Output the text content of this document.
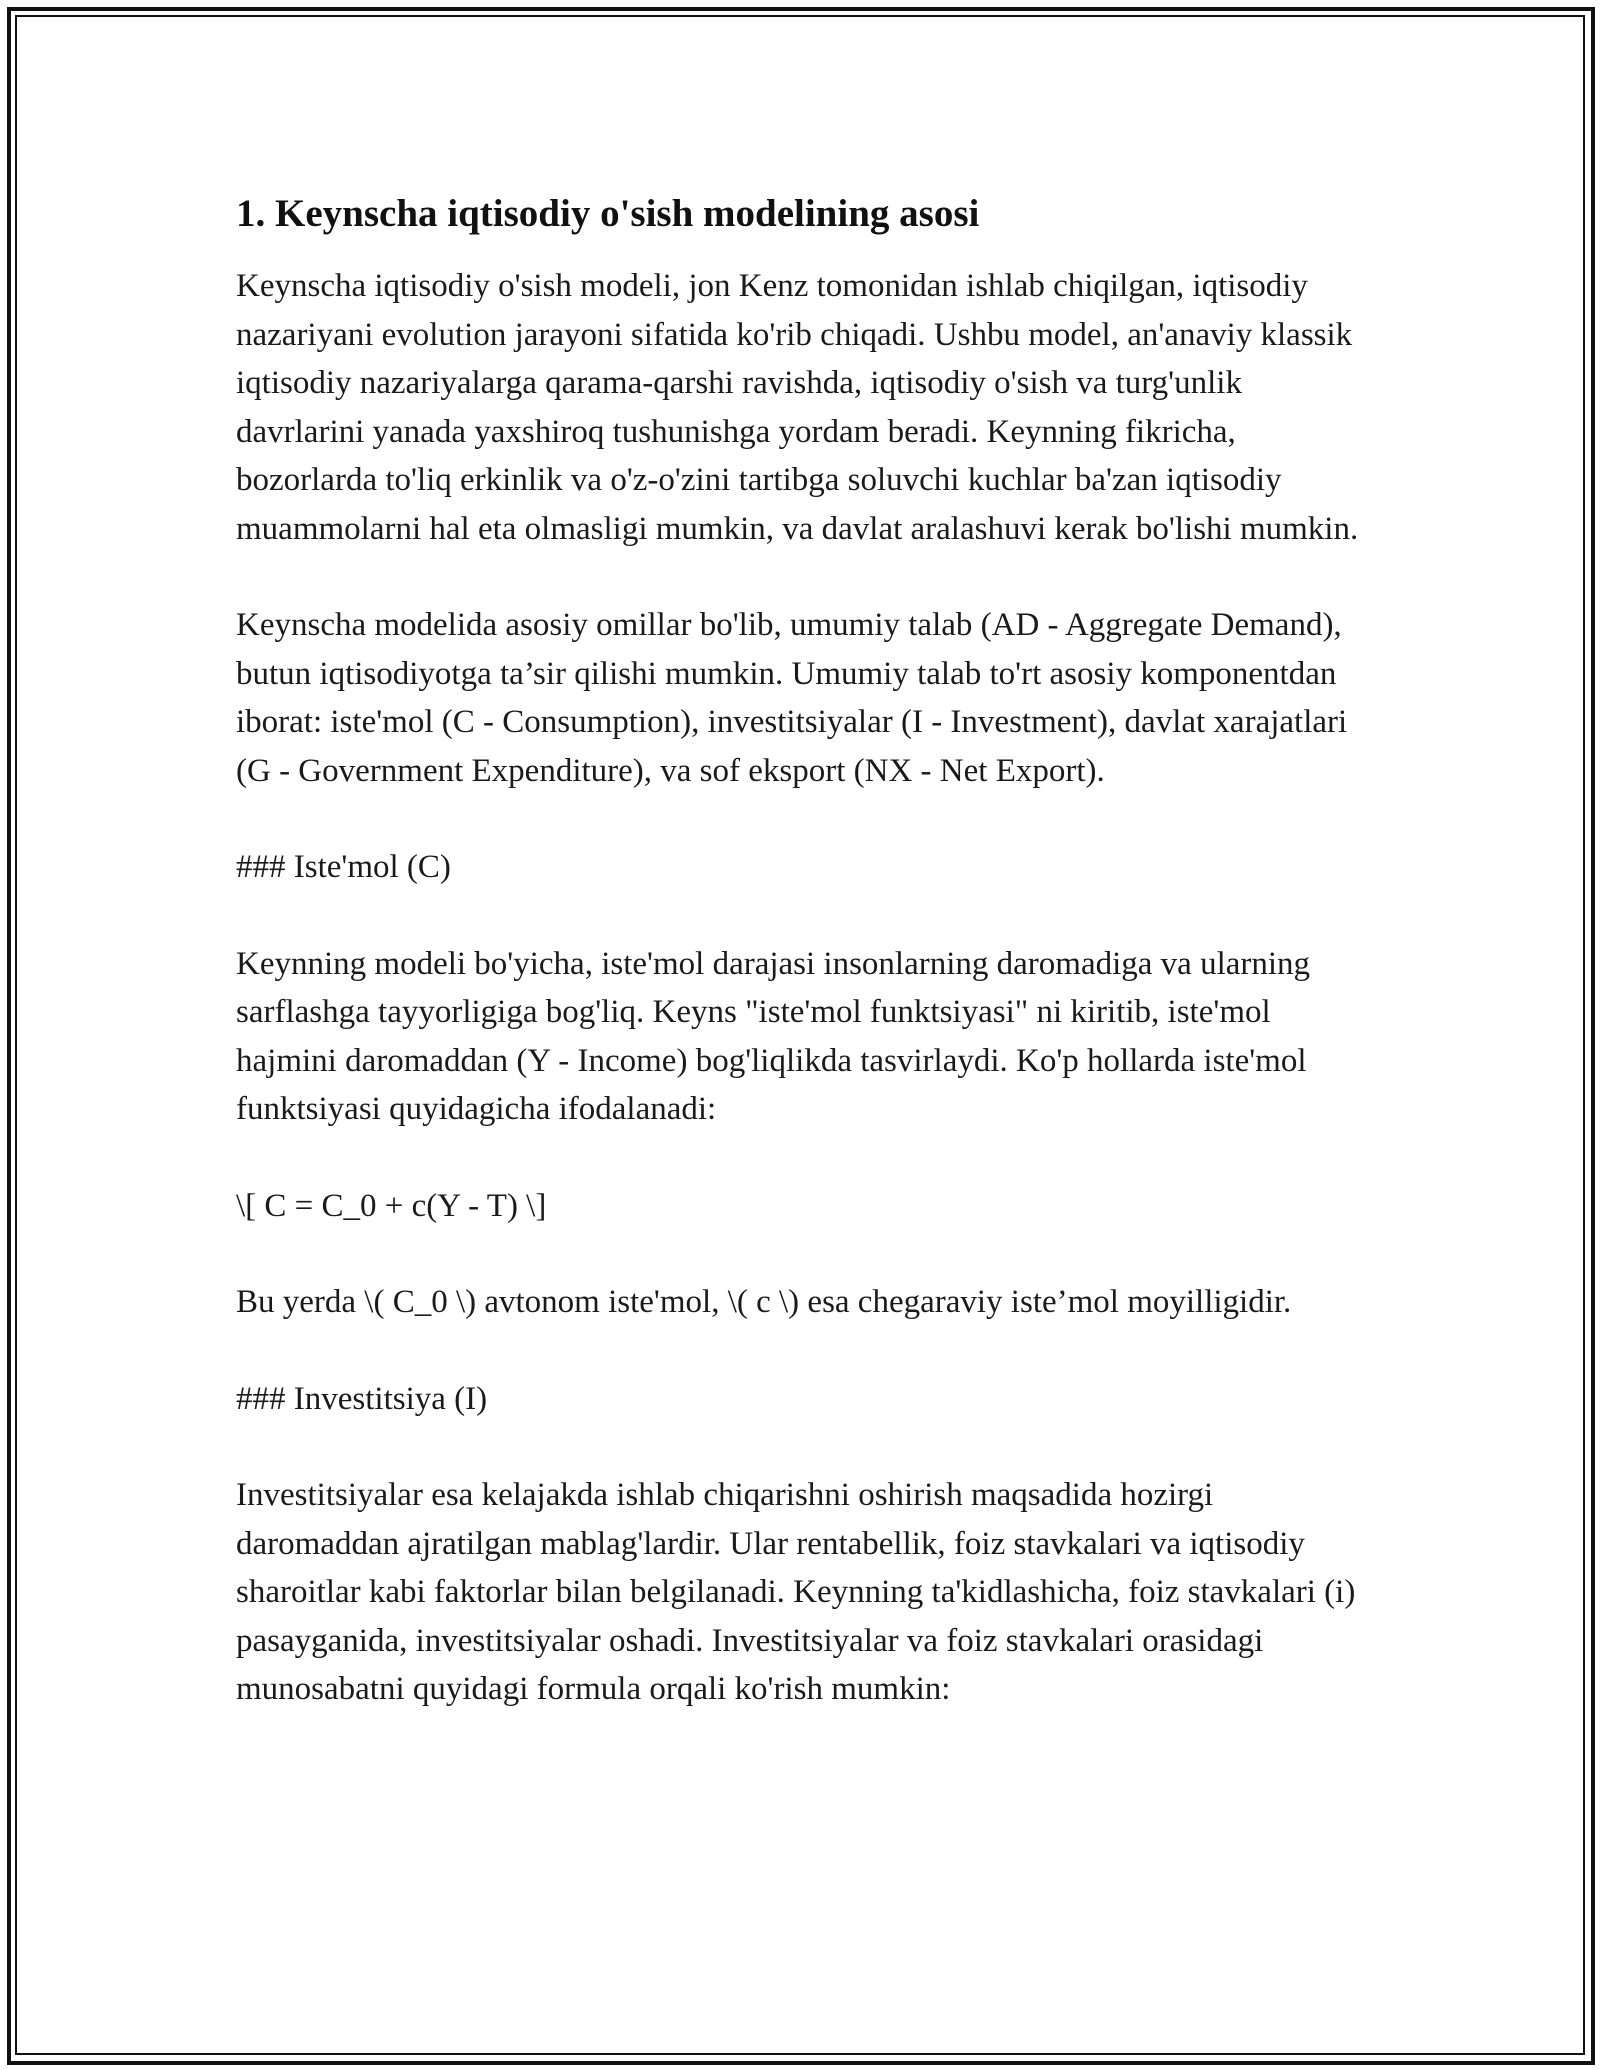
1. Keynscha iqtisodiy o'sish modelining asosi

Keynscha iqtisodiy o'sish modeli, jon Kenz tomonidan ishlab chiqilgan, iqtisodiy nazariyani evolution jarayoni sifatida ko'rib chiqadi. Ushbu model, an'anaviy klassik iqtisodiy nazariyalarga qarama-qarshi ravishda, iqtisodiy o'sish va turg'unlik davrlarini yanada yaxshiroq tushunishga yordam beradi. Keynning fikricha, bozorlarda to'liq erkinlik va o'z-o'zini tartibga soluvchi kuchlar ba'zan iqtisodiy muammolarni hal eta olmasligi mumkin, va davlat aralashuvi kerak bo'lishi mumkin.

Keynscha modelida asosiy omillar bo'lib, umumiy talab (AD - Aggregate Demand), butun iqtisodiyotga ta’sir qilishi mumkin. Umumiy talab to'rt asosiy komponentdan iborat: iste'mol (C - Consumption), investitsiyalar (I - Investment), davlat xarajatlari (G - Government Expenditure), va sof eksport (NX - Net Export).

### Iste'mol (C)

Keynning modeli bo'yicha, iste'mol darajasi insonlarning daromadiga va ularning sarflashga tayyorligiga bog'liq. Keyns "iste'mol funktsiyasi" ni kiritib, iste'mol hajmini daromaddan (Y - Income) bog'liqlikda tasvirlaydi. Ko'p hollarda iste'mol funktsiyasi quyidagicha ifodalanadi:

\[ C = C_0 + c(Y - T) \]

Bu yerda \( C_0 \) avtonom iste'mol, \( c \) esa chegaraviy iste’mol moyilligidir.

### Investitsiya (I)

Investitsiyalar esa kelajakda ishlab chiqarishni oshirish maqsadida hozirgi daromaddan ajratilgan mablag'lardir. Ular rentabellik, foiz stavkalari va iqtisodiy sharoitlar kabi faktorlar bilan belgilanadi. Keynning ta'kidlashicha, foiz stavkalari (i) pasayganida, investitsiyalar oshadi. Investitsiyalar va foiz stavkalari orasidagi munosabatni quyidagi formula orqali ko'rish mumkin:
